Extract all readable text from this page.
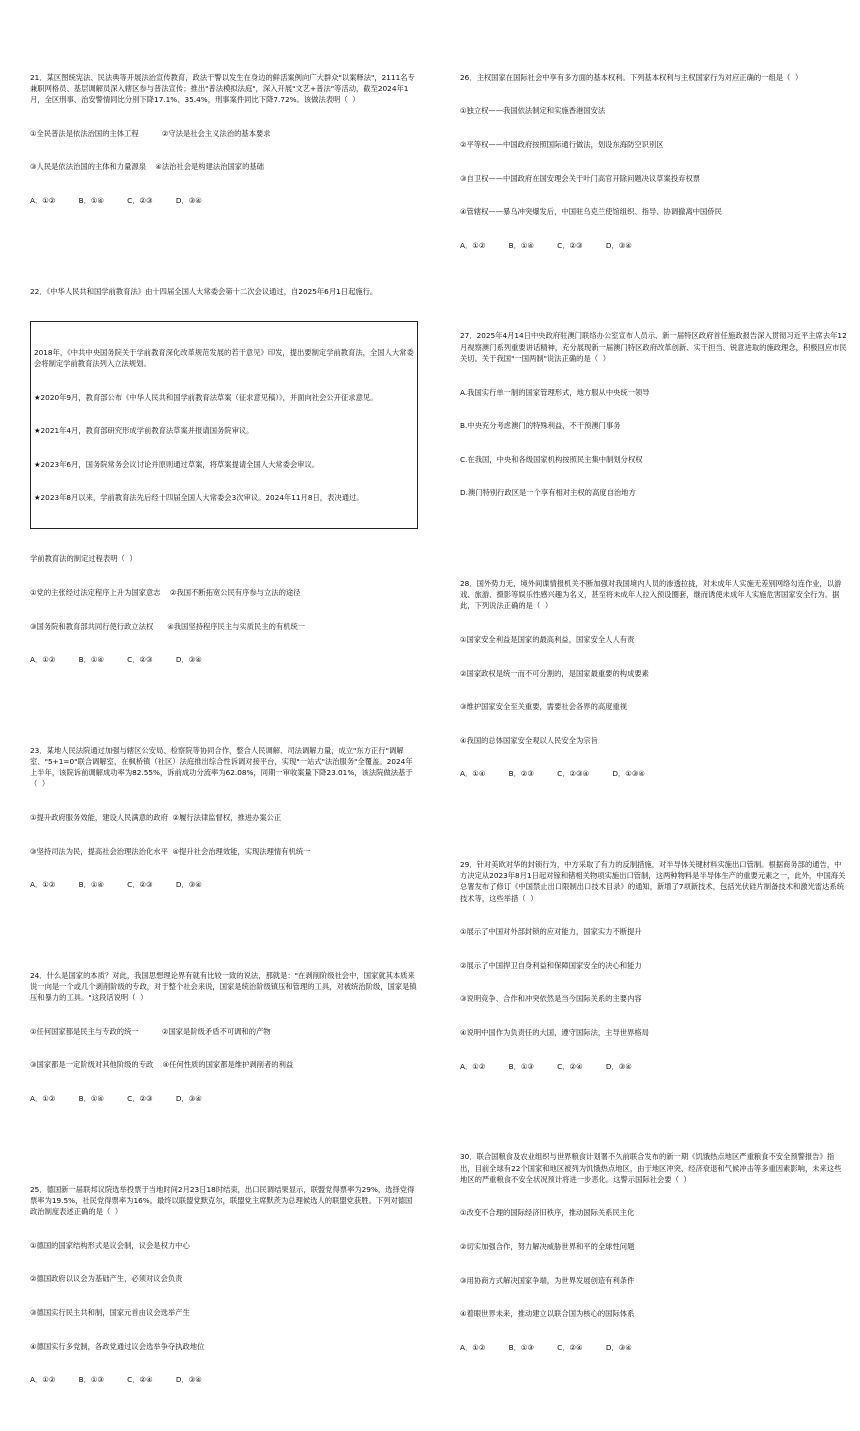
21．某区图统宪法、民法典等开展法治宣传教育，政法干警以发生在身边的鲜活案例向广大群众"以案释法"，2111名专兼职网格员、基层调解员深入辖区参与普法宣传；推出"普法模拟法庭"，深入开展"文艺+普法"等活动，截至2024年1月，全区刑事、治安警情同比分别下降17.1%、35.4%，刑事案件同比下降7.72%。该做法表明（  ）

①全民普法是依法治国的主体工程	②守法是社会主义法治的基本要求

③人民是依法治国的主体和力量源泉 ④法治社会是构建法治国家的基础

A．①②          B．①④          C．②③          D．③④

22．《中华人民共和国学前教育法》由十四届全国人大常委会第十二次会议通过，自2025年6月1日起施行。

2018年，《中共中央国务院关于学前教育深化改革规范发展的若干意见》印发，提出要制定学前教育法，全国人大常委会将制定学前教育法列入立法规划。

★2020年9月，教育部公布《中华人民共和国学前教育法草案（征求意见稿）》，并面向社会公开征求意见。

★2021年4月，教育部研究形成学前教育法草案并报请国务院审议。

★2023年6月，国务院常务会议讨论并原则通过草案，将草案提请全国人大常委会审议。

★2023年8月以来，学前教育法先后经十四届全国人大常委会3次审议。2024年11月8日，表决通过。

学前教育法的制定过程表明（  ）

①党的主张经过法定程序上升为国家意志 ②我国不断拓宽公民有序参与立法的途径

③国务院和教育部共同行使行政立法权 ④我国坚持程序民主与实质民主的有机统一

A．①②          B．①④          C．②③          D．③④

23．某地人民法院通过加强与辖区公安局、检察院等协同合作，整合人民调解、司法调解力量，成立"东方正行"调解室、"5+1=0"联合调解室，在枫桥镇（社区）法庭推出综合性诉调对接平台，实现"一站式"法治服务"全覆盖。2024年上半年，该院诉前调解成功率为82.55%，诉前成功分流率为62.08%，同期一审收案量下降23.01%，该法院做法基于（  ）

①提升政府服务效能，建设人民满意的政府 ②履行法律监督权，推进办案公正

③坚持司法为民，提高社会治理法治化水平 ④提升社会治理效能，实现法理情有机统一

A．①②          B．①④          C．②③          D．③④

24．什么是国家的本质？对此，我国思想理论界有就有比较一致的说法，那就是："在剥削阶级社会中，国家就其本质来说一向是一个或几个剥削阶级的专政，对于整个社会来说，国家是统治阶级镇压和管理的工具，对被统治阶级，国家是镇压和暴力的工具。"这段话说明（  ）

①任何国家都是民主与专政的统一	②国家是阶级矛盾不可调和的产物

③国家都是一定阶级对其他阶级的专政 ④任何性质的国家都是维护剥削者的利益

A．①②          B．①④          C．②③          D．③④

25．德国新一届联邦议院选举投票于当地时间2月23日18时结束，出口民调结果显示，联盟党得票率为29%，选择党得票率为19.5%，社民党得票率为16%。最终以联盟党默克尔，联盟党主席默茨为总理候选人的联盟党获胜。下列对德国政治制度表述正确的是（  ）

①德国的国家结构形式是议会制，议会是权力中心

②德国政府以议会为基础产生，必须对议会负责

③德国实行民主共和制，国家元首由议会选举产生

④德国实行多党制，各政党通过议会选举争夺执政地位

A．①②          B．①③          C．②④          D．③④

26．主权国家在国际社会中享有多方面的基本权利。下列基本权利与主权国家行为对应正确的一组是（  ）

①独立权——我国依法制定和实施香港国安法

②平等权——中国政府按照国际通行做法，划设东海防空识别区

③自卫权——中国政府在国安理会关于叶门高官开除问题决议草案投弃权票

④管辖权——暴乌冲突爆发后，中国驻乌克兰使馆组织、指导、协调撤离中国侨民

A．①②          B．①④          C．②③          D．③④

27．2025年4月14日中央政府驻澳门联络办公室宣布人员示、新一届特区政府首任施政报告深入贯彻习近平主席去年12月视察澳门系列重要讲话精神，充分展现新一届澳门特区政府改革创新、实干担当、锐意进取的施政理念，积极回应市民关切。关于我国"一国两制"说法正确的是（  ）

A.我国实行单一制的国家管理形式，地方服从中央统一领导

B.中央充分考虑澳门的特殊利益，不干预澳门事务

C.在我国，中央和各级国家机构按照民主集中制划分权权

D.澳门特别行政区是一个享有相对主权的高度自治地方

28．国外势力无，境外间谍情报机关不断加强对我国境内人员的渗透拉拢，对未成年人实施无差别网络勾连作业，以游戏、旅游、摄影等娱乐性感兴趣为名义，甚至将未成年人拉入预设圈套，继而诱使未成年人实施危害国家安全行为。据此，下列说法正确的是（  ）

①国家安全利益是国家的最高利益，国家安全人人有责

②国家政权是统一而不可分割的，是国家最重要的构成要素

③维护国家安全至关重要，需要社会各界的高度重视

④我国的总体国家安全观以人民安全为宗旨

A．①④          B．②③          C．②③④          D．①③④

29．针对美欧对华的封锁行为，中方采取了有力的反制措施，对半导体关键材料实施出口管制。根据商务部的通告，中方决定从2023年8月1日起对镓和锗相关物项实施出口管制，这两种物料是半导体生产的重要元素之一，此外，中国海关总署发布了修订《中国禁止出口限制出口技术目录》的通知，新增了7项新技术，包括光伏硅片制备技术和激光雷达系统技术等，这些举措（  ）

①展示了中国对外部封锁的应对能力，国家实力不断提升

②展示了中国捍卫自身利益和保障国家安全的决心和能力

③说明竞争、合作和冲突依然是当今国际关系的主要内容

④说明中国作为负责任的大国，遵守国际法，主导世界格局

A．①②          B．①③          C．②④          D．③④

30．联合国粮食及农业组织与世界粮食计划署不久前联合发布的新一期《饥饿热点地区严重粮食不安全预警报告》指出，目前全球有22个国家和地区被列为饥饿热点地区，由于地区冲突、经济衰退和气候冲击等多重因素影响，未来这些地区的严重粮食不安全状况预计将进一步恶化。这警示国际社会要（  ）

①改变不合理的国际经济旧秩序，推动国际关系民主化

②切实加强合作，努力解决威胁世界和平的全球性问题

③用协商方式解决国家争端，为世界发展创造有利条件

④着眼世界未来，推动建立以联合国为核心的国际体系

A．①②          B．①③          C．②④          D．③④
